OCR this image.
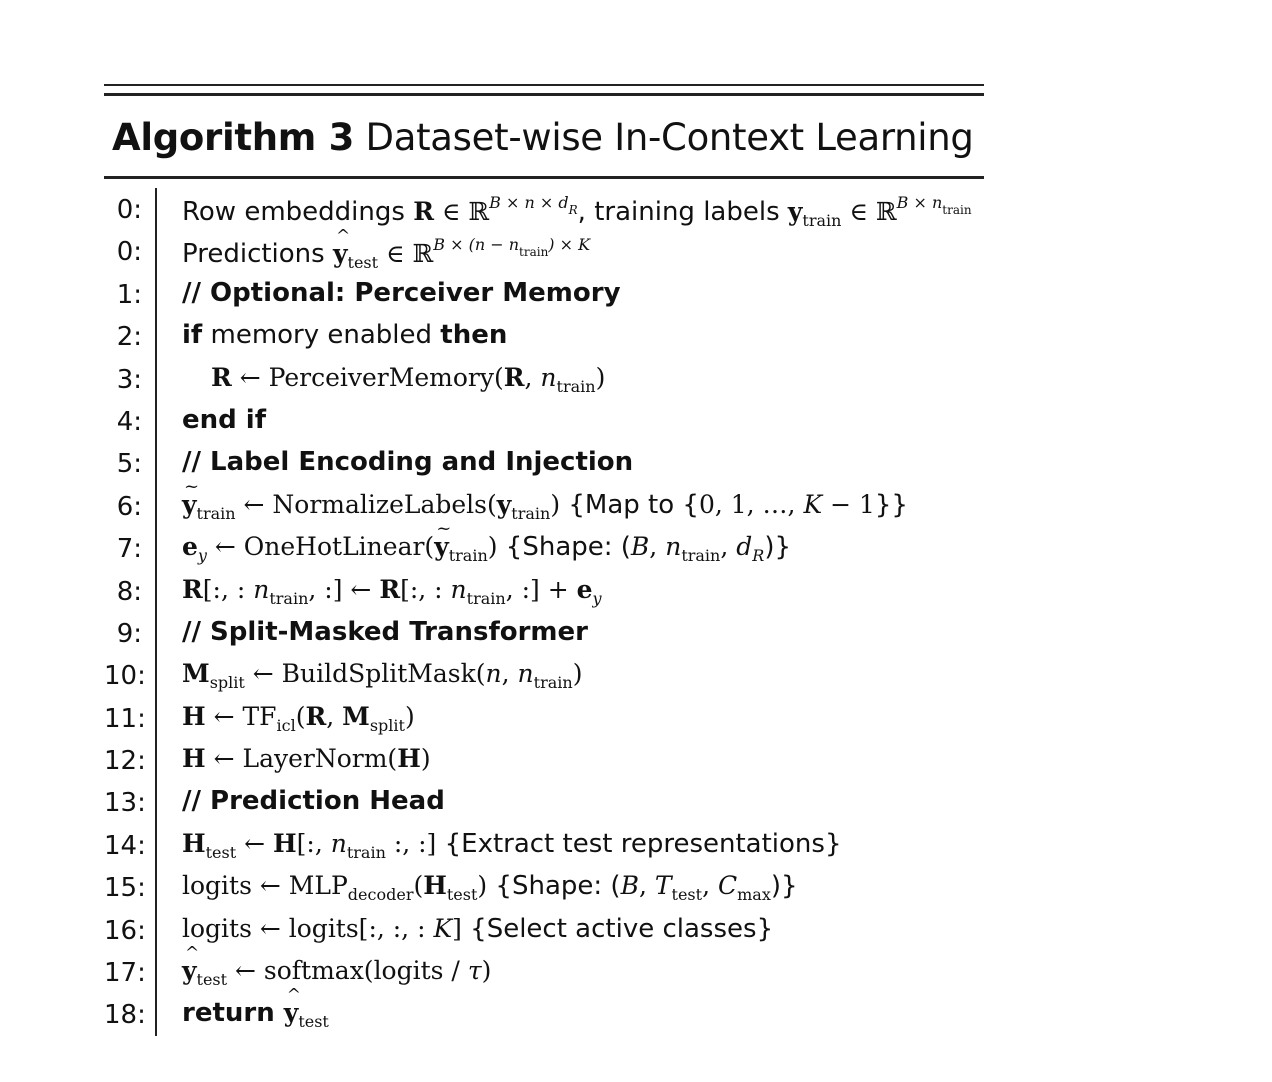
Algorithm 3 Dataset-wise In-Context Learning
0: Row embeddings R ∈ ℝ$^{B \times n \times d_R}$, training labels $y_{train}$ ∈ ℝ$^{B \times n_{train}}$
0: Predictions ^ $y_{test}$ ∈ ℝ$^{B \times (n - n_{train}) \times K}$
1: // Optional: Perceiver Memory
2: if memory enabled then
3:	R ← PerceiverMemory(R, $n_{train}$)
4: end if
5: // Label Encoding and Injection
6: ~ $y_{train}$ ← $NormalizeLabels(y_{train})$ {Map to {0, 1, …, K − 1}}
7: $e_y$ ← OneHotLinear(~ $y_{train}$) {Shape: (B, $n_{train}$, $d_R$)}
8: R[:, : $n_{train}$, :] ← R[:, : $n_{train}$, :] + $e_y$
9: // Split-Masked Transformer
10: $M_{split}$ ← BuildSplitMask(n, $n_{train}$)
11: H ← $TF_{icl}(R$, $M_{split}$)
12: H ← LayerNorm(H)
13: // Prediction Head
14: $H_{test}$ ← H[:, $n_{train}$ :, :] {Extract test representations}
15: logits ← $MLP_{decoder}(H_{test})$ {Shape: (B, $T_{test}$, $C_{max}$)}
16: logits ← logits[:, :, : K] {Select active classes}
17: ^ $y_{test}$ ← softmax(logits / τ)
18: return ^ $y_{test}$
